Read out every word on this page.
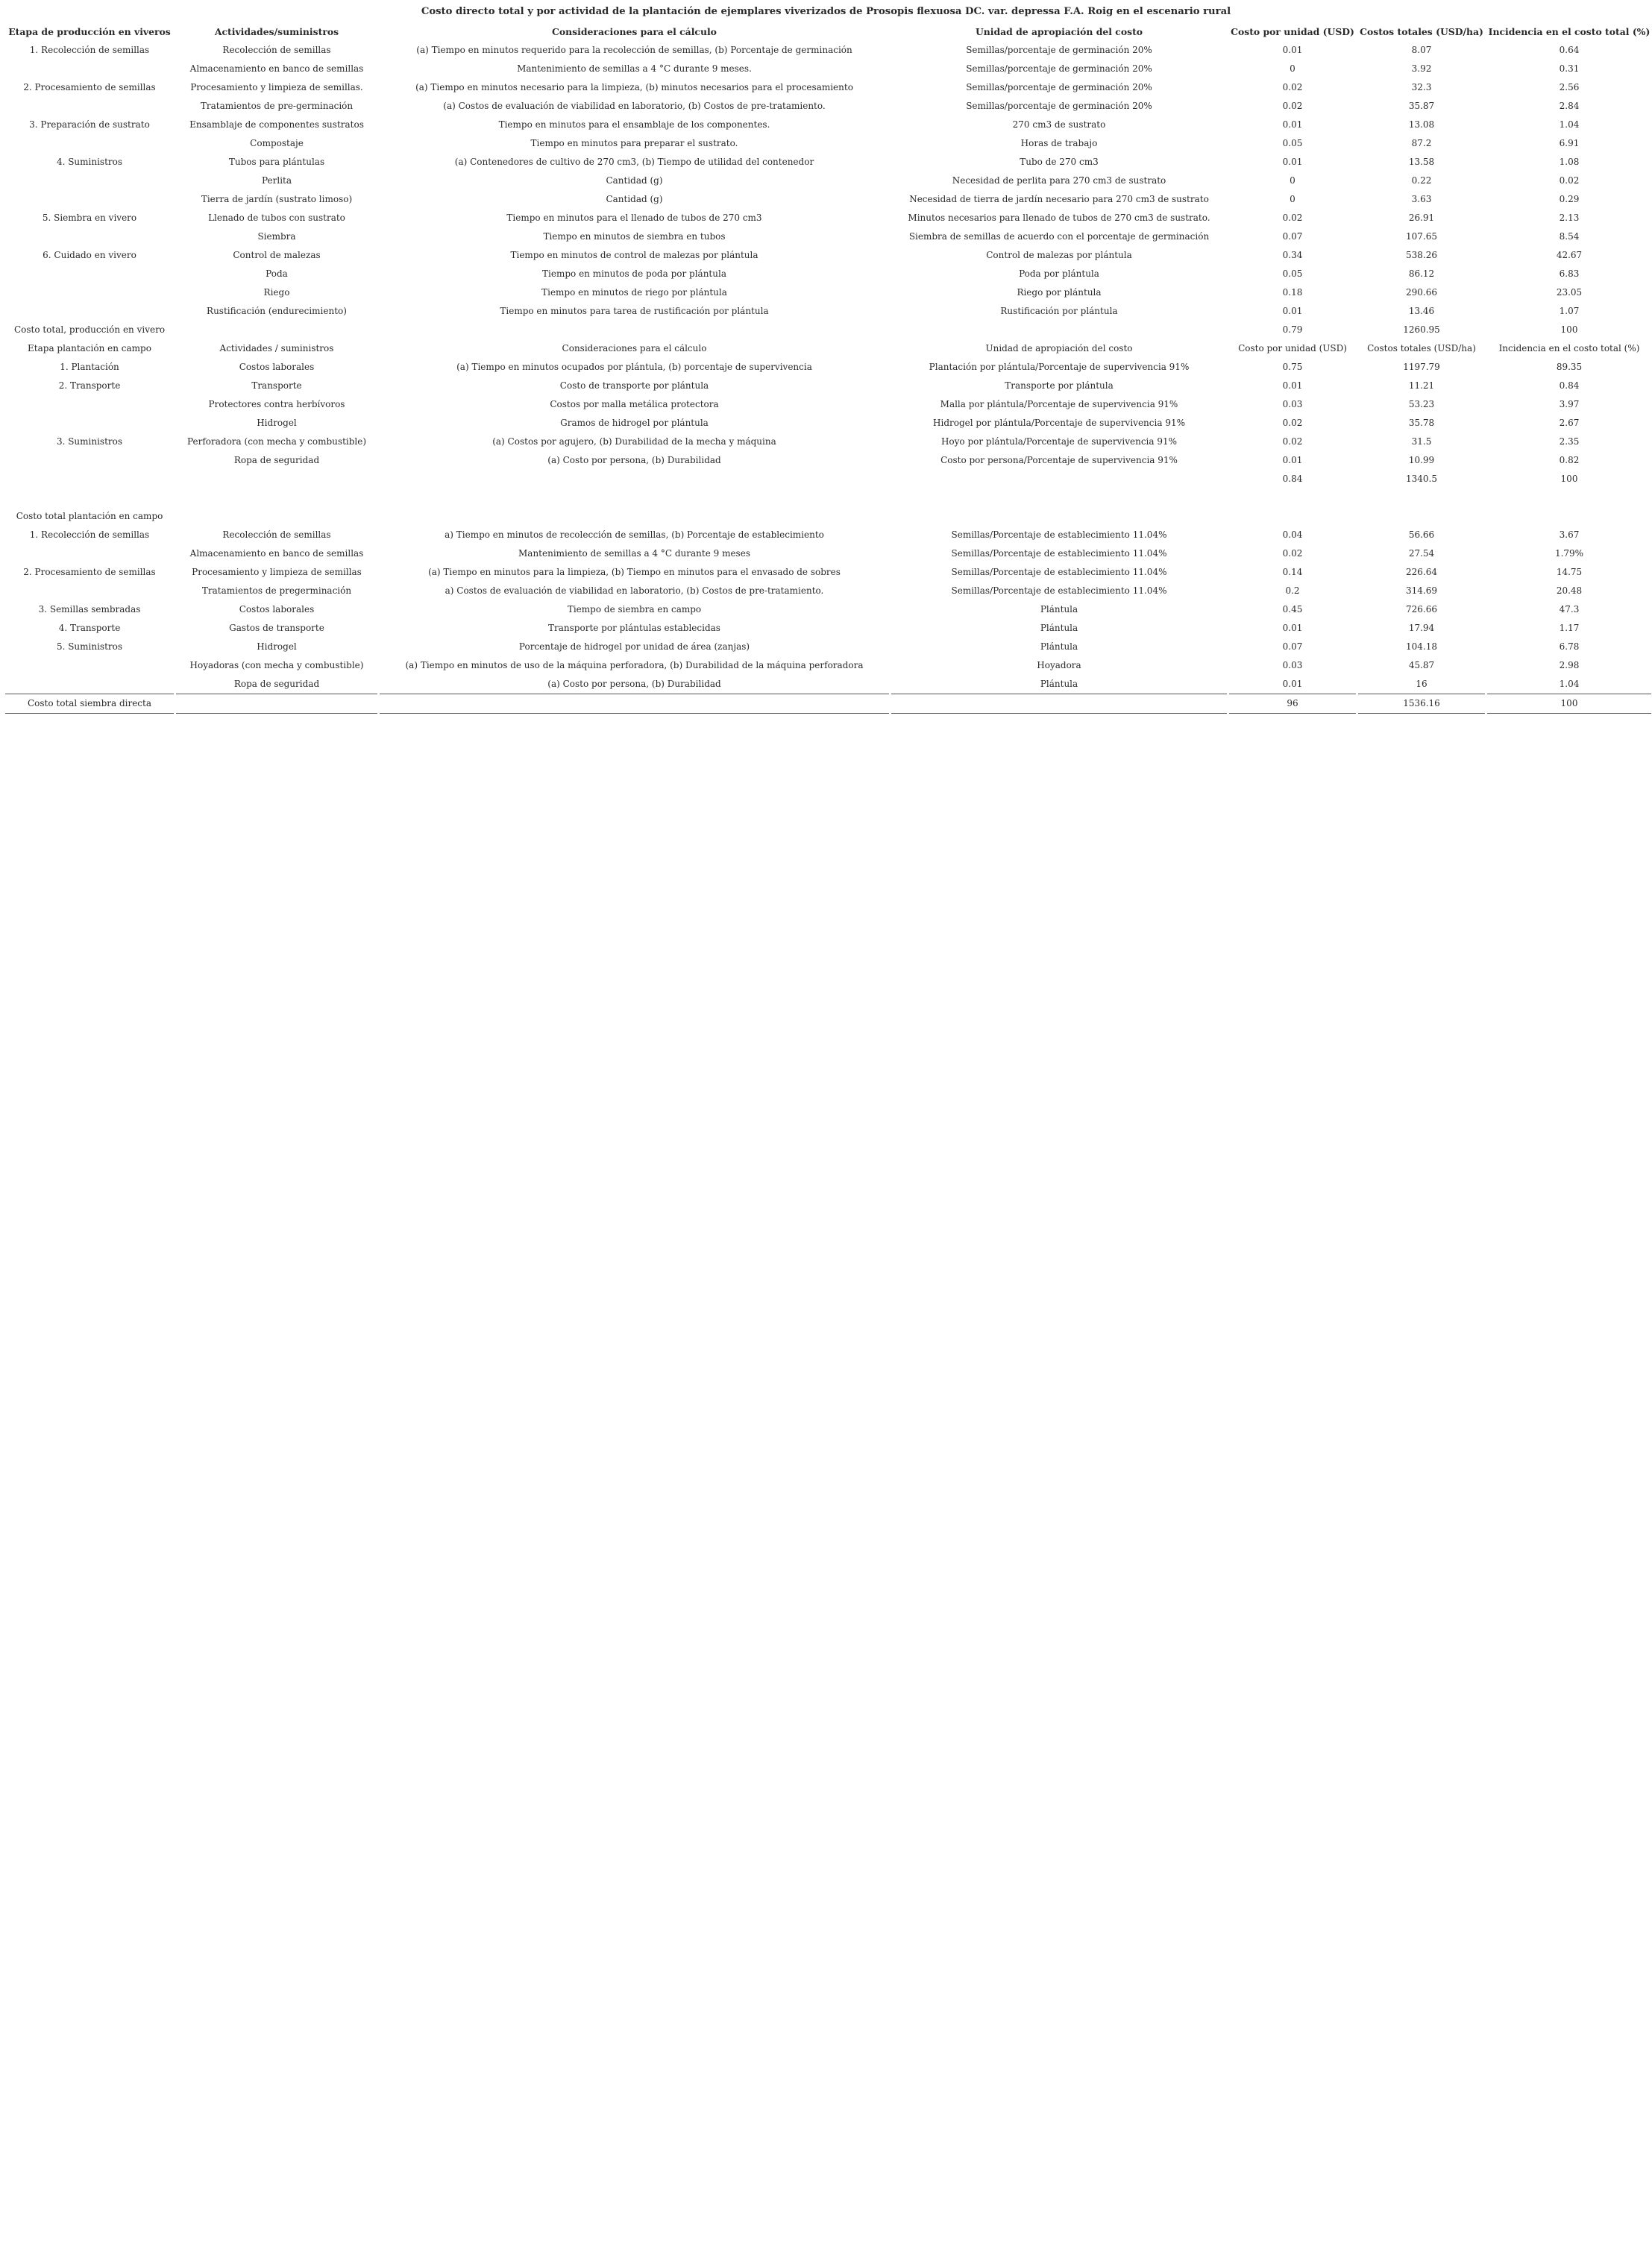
Costo directo total y por actividad de la plantación de ejemplares viverizados de Prosopis flexuosa DC. var. depressa F.A. Roig en el escenario rural
Etapa de producción en viveros	Actividades/suministros	Consideraciones para el cálculo	Unidad de apropiación del costo	Costo por unidad (USD)	Costos totales (USD/ha)	Incidencia en el costo total (%)
1. Recolección de semillas	Recolección de semillas	(a) Tiempo en minutos requerido para la recolección de semillas, (b) Porcentaje de germinación	Semillas/porcentaje de germinación 20%	0.01	8.07	0.64
	Almacenamiento en banco de semillas	Mantenimiento de semillas a 4 °C durante 9 meses.	Semillas/porcentaje de germinación 20%	0	3.92	0.31
2. Procesamiento de semillas	Procesamiento y limpieza de semillas.	(a) Tiempo en minutos necesario para la limpieza, (b) minutos necesarios para el procesamiento	Semillas/porcentaje de germinación 20%	0.02	32.3	2.56
	Tratamientos de pre-germinación	(a) Costos de evaluación de viabilidad en laboratorio, (b) Costos de pre-tratamiento.	Semillas/porcentaje de germinación 20%	0.02	35.87	2.84
3. Preparación de sustrato	Ensamblaje de componentes sustratos	Tiempo en minutos para el ensamblaje de los componentes.	270 cm3 de sustrato	0.01	13.08	1.04
	Compostaje	Tiempo en minutos para preparar el sustrato.	Horas de trabajo	0.05	87.2	6.91
4. Suministros	Tubos para plántulas	(a) Contenedores de cultivo de 270 cm3, (b) Tiempo de utilidad del contenedor	Tubo de 270 cm3	0.01	13.58	1.08
	Perlita	Cantidad (g)	Necesidad de perlita para 270 cm3 de sustrato	0	0.22	0.02
	Tierra de jardín (sustrato limoso)	Cantidad (g)	Necesidad de tierra de jardín necesario para 270 cm3 de sustrato	0	3.63	0.29
5. Siembra en vivero	Llenado de tubos con sustrato	Tiempo en minutos para el llenado de tubos de 270 cm3	Minutos necesarios para llenado de tubos de 270 cm3 de sustrato.	0.02	26.91	2.13
	Siembra	Tiempo en minutos de siembra en tubos	Siembra de semillas de acuerdo con el porcentaje de germinación	0.07	107.65	8.54
6. Cuidado en vivero	Control de malezas	Tiempo en minutos de control de malezas por plántula	Control de malezas por plántula	0.34	538.26	42.67
	Poda	Tiempo en minutos de poda por plántula	Poda por plántula	0.05	86.12	6.83
	Riego	Tiempo en minutos de riego por plántula	Riego por plántula	0.18	290.66	23.05
	Rustificación (endurecimiento)	Tiempo en minutos para tarea de rustificación por plántula	Rustificación por plántula	0.01	13.46	1.07
Costo total, producción en vivero				0.79	1260.95	100
Etapa plantación en campo	Actividades / suministros	Consideraciones para el cálculo	Unidad de apropiación del costo	Costo por unidad (USD)	Costos totales (USD/ha)	Incidencia en el costo total (%)
1. Plantación	Costos laborales	(a) Tiempo en minutos ocupados por plántula, (b) porcentaje de supervivencia	Plantación por plántula/Porcentaje de supervivencia 91%	0.75	1197.79	89.35
2. Transporte	Transporte	Costo de transporte por plántula	Transporte por plántula	0.01	11.21	0.84
	Protectores contra herbívoros	Costos por malla metálica protectora	Malla por plántula/Porcentaje de supervivencia 91%	0.03	53.23	3.97
	Hidrogel	Gramos de hidrogel por plántula	Hidrogel por plántula/Porcentaje de supervivencia 91%	0.02	35.78	2.67
3. Suministros	Perforadora (con mecha y combustible)	(a) Costos por agujero, (b) Durabilidad de la mecha y máquina	Hoyo por plántula/Porcentaje de supervivencia 91%	0.02	31.5	2.35
	Ropa de seguridad	(a) Costo por persona, (b) Durabilidad	Costo por persona/Porcentaje de supervivencia 91%	0.01	10.99	0.82
				0.84	1340.5	100

Costo total plantación en campo						
1. Recolección de semillas	Recolección de semillas	a) Tiempo en minutos de recolección de semillas, (b) Porcentaje de establecimiento	Semillas/Porcentaje de establecimiento 11.04%	0.04	56.66	3.67
	Almacenamiento en banco de semillas	Mantenimiento de semillas a 4 °C durante 9 meses	Semillas/Porcentaje de establecimiento 11.04%	0.02	27.54	1.79%
2. Procesamiento de semillas	Procesamiento y limpieza de semillas	(a) Tiempo en minutos para la limpieza, (b) Tiempo en minutos para el envasado de sobres	Semillas/Porcentaje de establecimiento 11.04%	0.14	226.64	14.75
	Tratamientos de pregerminación	a) Costos de evaluación de viabilidad en laboratorio, (b) Costos de pre-tratamiento.	Semillas/Porcentaje de establecimiento 11.04%	0.2	314.69	20.48
3. Semillas sembradas	Costos laborales	Tiempo de siembra en campo	Plántula	0.45	726.66	47.3
4. Transporte	Gastos de transporte	Transporte por plántulas establecidas	Plántula	0.01	17.94	1.17
5. Suministros	Hidrogel	Porcentaje de hidrogel por unidad de área (zanjas)	Plántula	0.07	104.18	6.78
	Hoyadoras (con mecha y combustible)	(a) Tiempo en minutos de uso de la máquina perforadora, (b) Durabilidad de la máquina perforadora	Hoyadora	0.03	45.87	2.98
	Ropa de seguridad	(a) Costo por persona, (b) Durabilidad	Plántula	0.01	16	1.04
Costo total siembra directa				96	1536.16	100
